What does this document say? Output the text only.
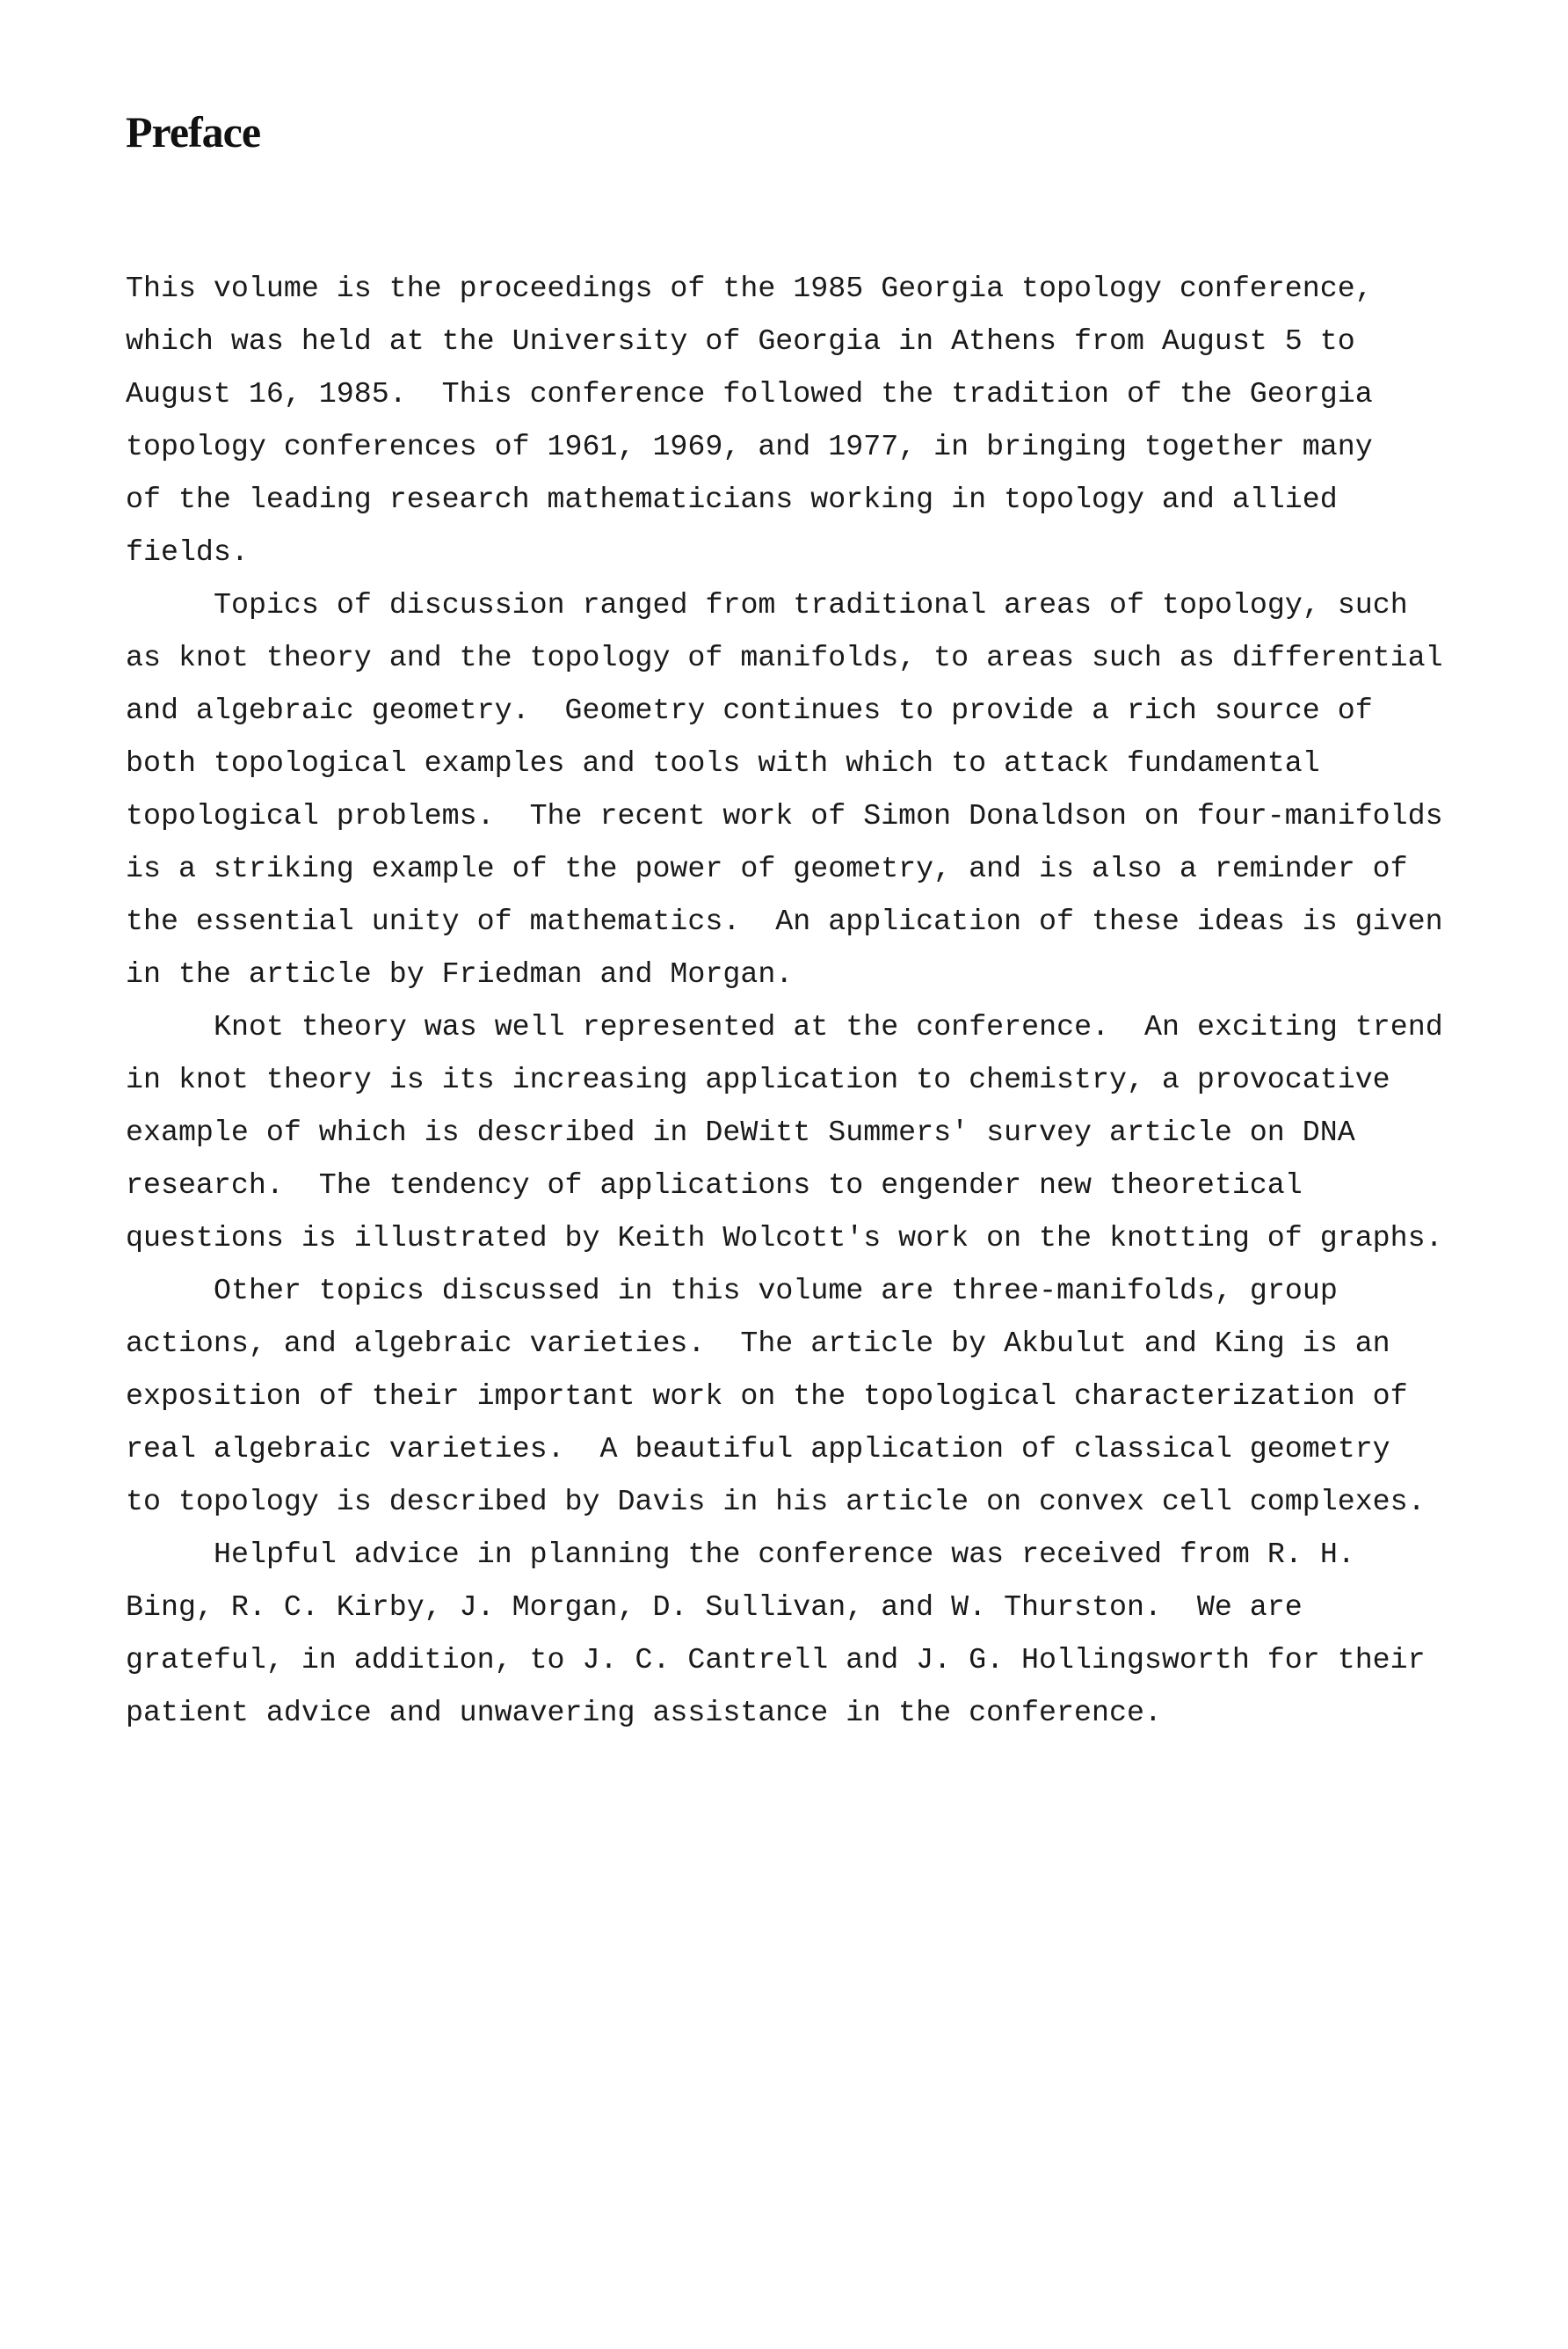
Preface
This volume is the proceedings of the 1985 Georgia topology conference,
which was held at the University of Georgia in Athens from August 5 to
August 16, 1985.  This conference followed the tradition of the Georgia
topology conferences of 1961, 1969, and 1977, in bringing together many
of the leading research mathematicians working in topology and allied
fields.
Topics of discussion ranged from traditional areas of topology, such
as knot theory and the topology of manifolds, to areas such as differential
and algebraic geometry.  Geometry continues to provide a rich source of
both topological examples and tools with which to attack fundamental
topological problems.  The recent work of Simon Donaldson on four-manifolds
is a striking example of the power of geometry, and is also a reminder of
the essential unity of mathematics.  An application of these ideas is given
in the article by Friedman and Morgan.
Knot theory was well represented at the conference.  An exciting trend
in knot theory is its increasing application to chemistry, a provocative
example of which is described in DeWitt Summers' survey article on DNA
research.  The tendency of applications to engender new theoretical
questions is illustrated by Keith Wolcott's work on the knotting of graphs.
Other topics discussed in this volume are three-manifolds, group
actions, and algebraic varieties.  The article by Akbulut and King is an
exposition of their important work on the topological characterization of
real algebraic varieties.  A beautiful application of classical geometry
to topology is described by Davis in his article on convex cell complexes.
Helpful advice in planning the conference was received from R. H.
Bing, R. C. Kirby, J. Morgan, D. Sullivan, and W. Thurston.  We are
grateful, in addition, to J. C. Cantrell and J. G. Hollingsworth for their
patient advice and unwavering assistance in the conference.
